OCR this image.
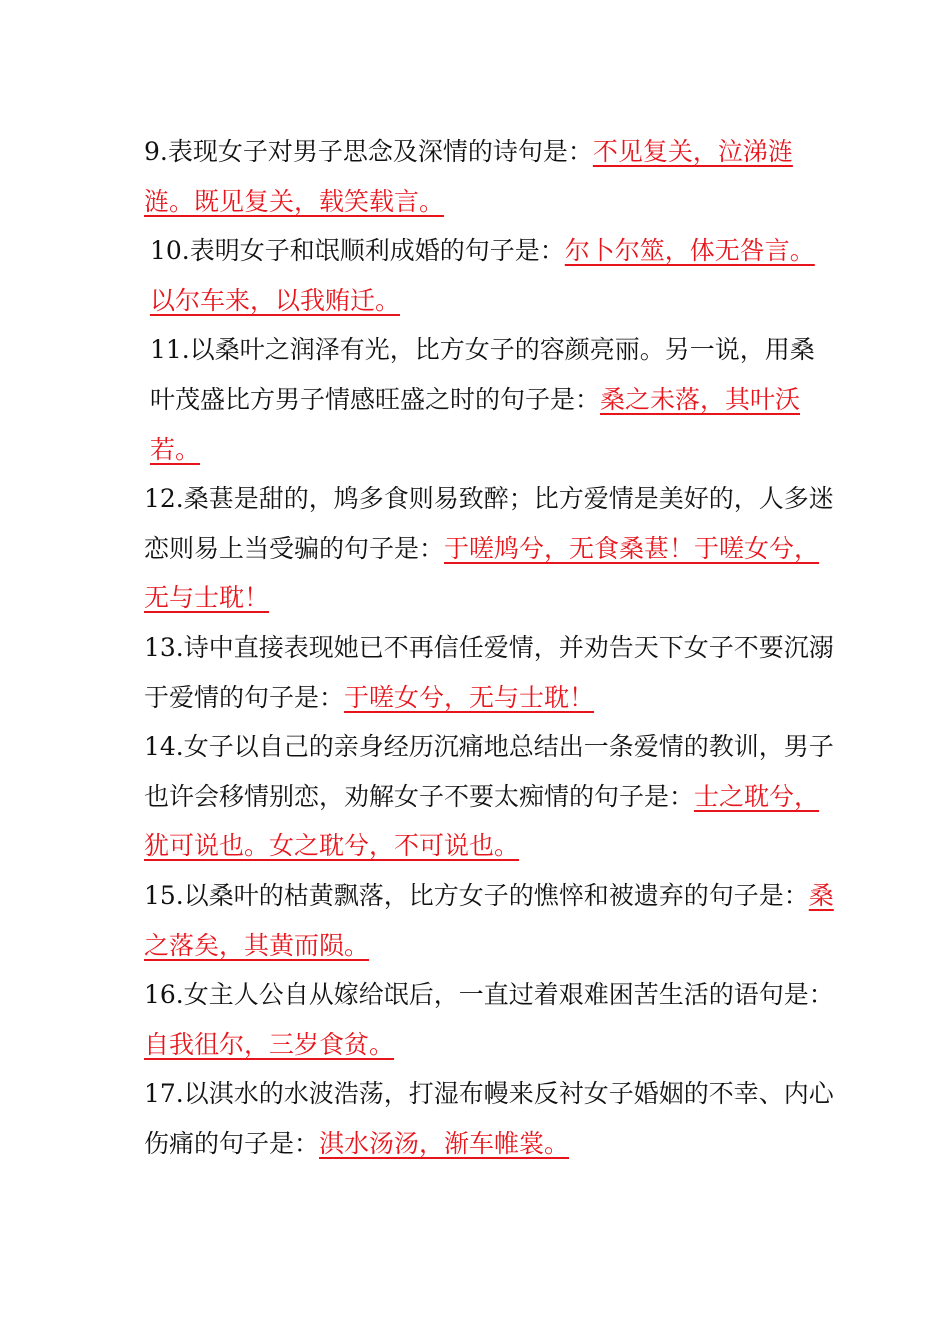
9.表现女子对男子思念及深情的诗句是：不见复关，泣涕涟涟。既见复关，载笑载言。

10.表明女子和氓顺利成婚的句子是：尔卜尔筮，体无咎言。以尔车来，以我贿迁。

11.以桑叶之润泽有光，比方女子的容颜亮丽。另一说，用桑叶茂盛比方男子情感旺盛之时的句子是：桑之未落，其叶沃若。

12.桑葚是甜的，鸠多食则易致醉；比方爱情是美好的，人多迷恋则易上当受骗的句子是：于嗟鸠兮，无食桑葚！于嗟女兮，无与士耽！

13.诗中直接表现她已不再信任爱情，并劝告天下女子不要沉溺于爱情的句子是：于嗟女兮，无与士耽！

14.女子以自己的亲身经历沉痛地总结出一条爱情的教训，男子也许会移情别恋，劝解女子不要太痴情的句子是：士之耽兮，犹可说也。女之耽兮，不可说也。

15.以桑叶的枯黄飘落，比方女子的憔悴和被遗弃的句子是：桑之落矣，其黄而陨。

16.女主人公自从嫁给氓后，一直过着艰难困苦生活的语句是：自我徂尔，三岁食贫。

17.以淇水的水波浩荡，打湿布幔来反衬女子婚姻的不幸、内心伤痛的句子是：淇水汤汤，渐车帷裳。
